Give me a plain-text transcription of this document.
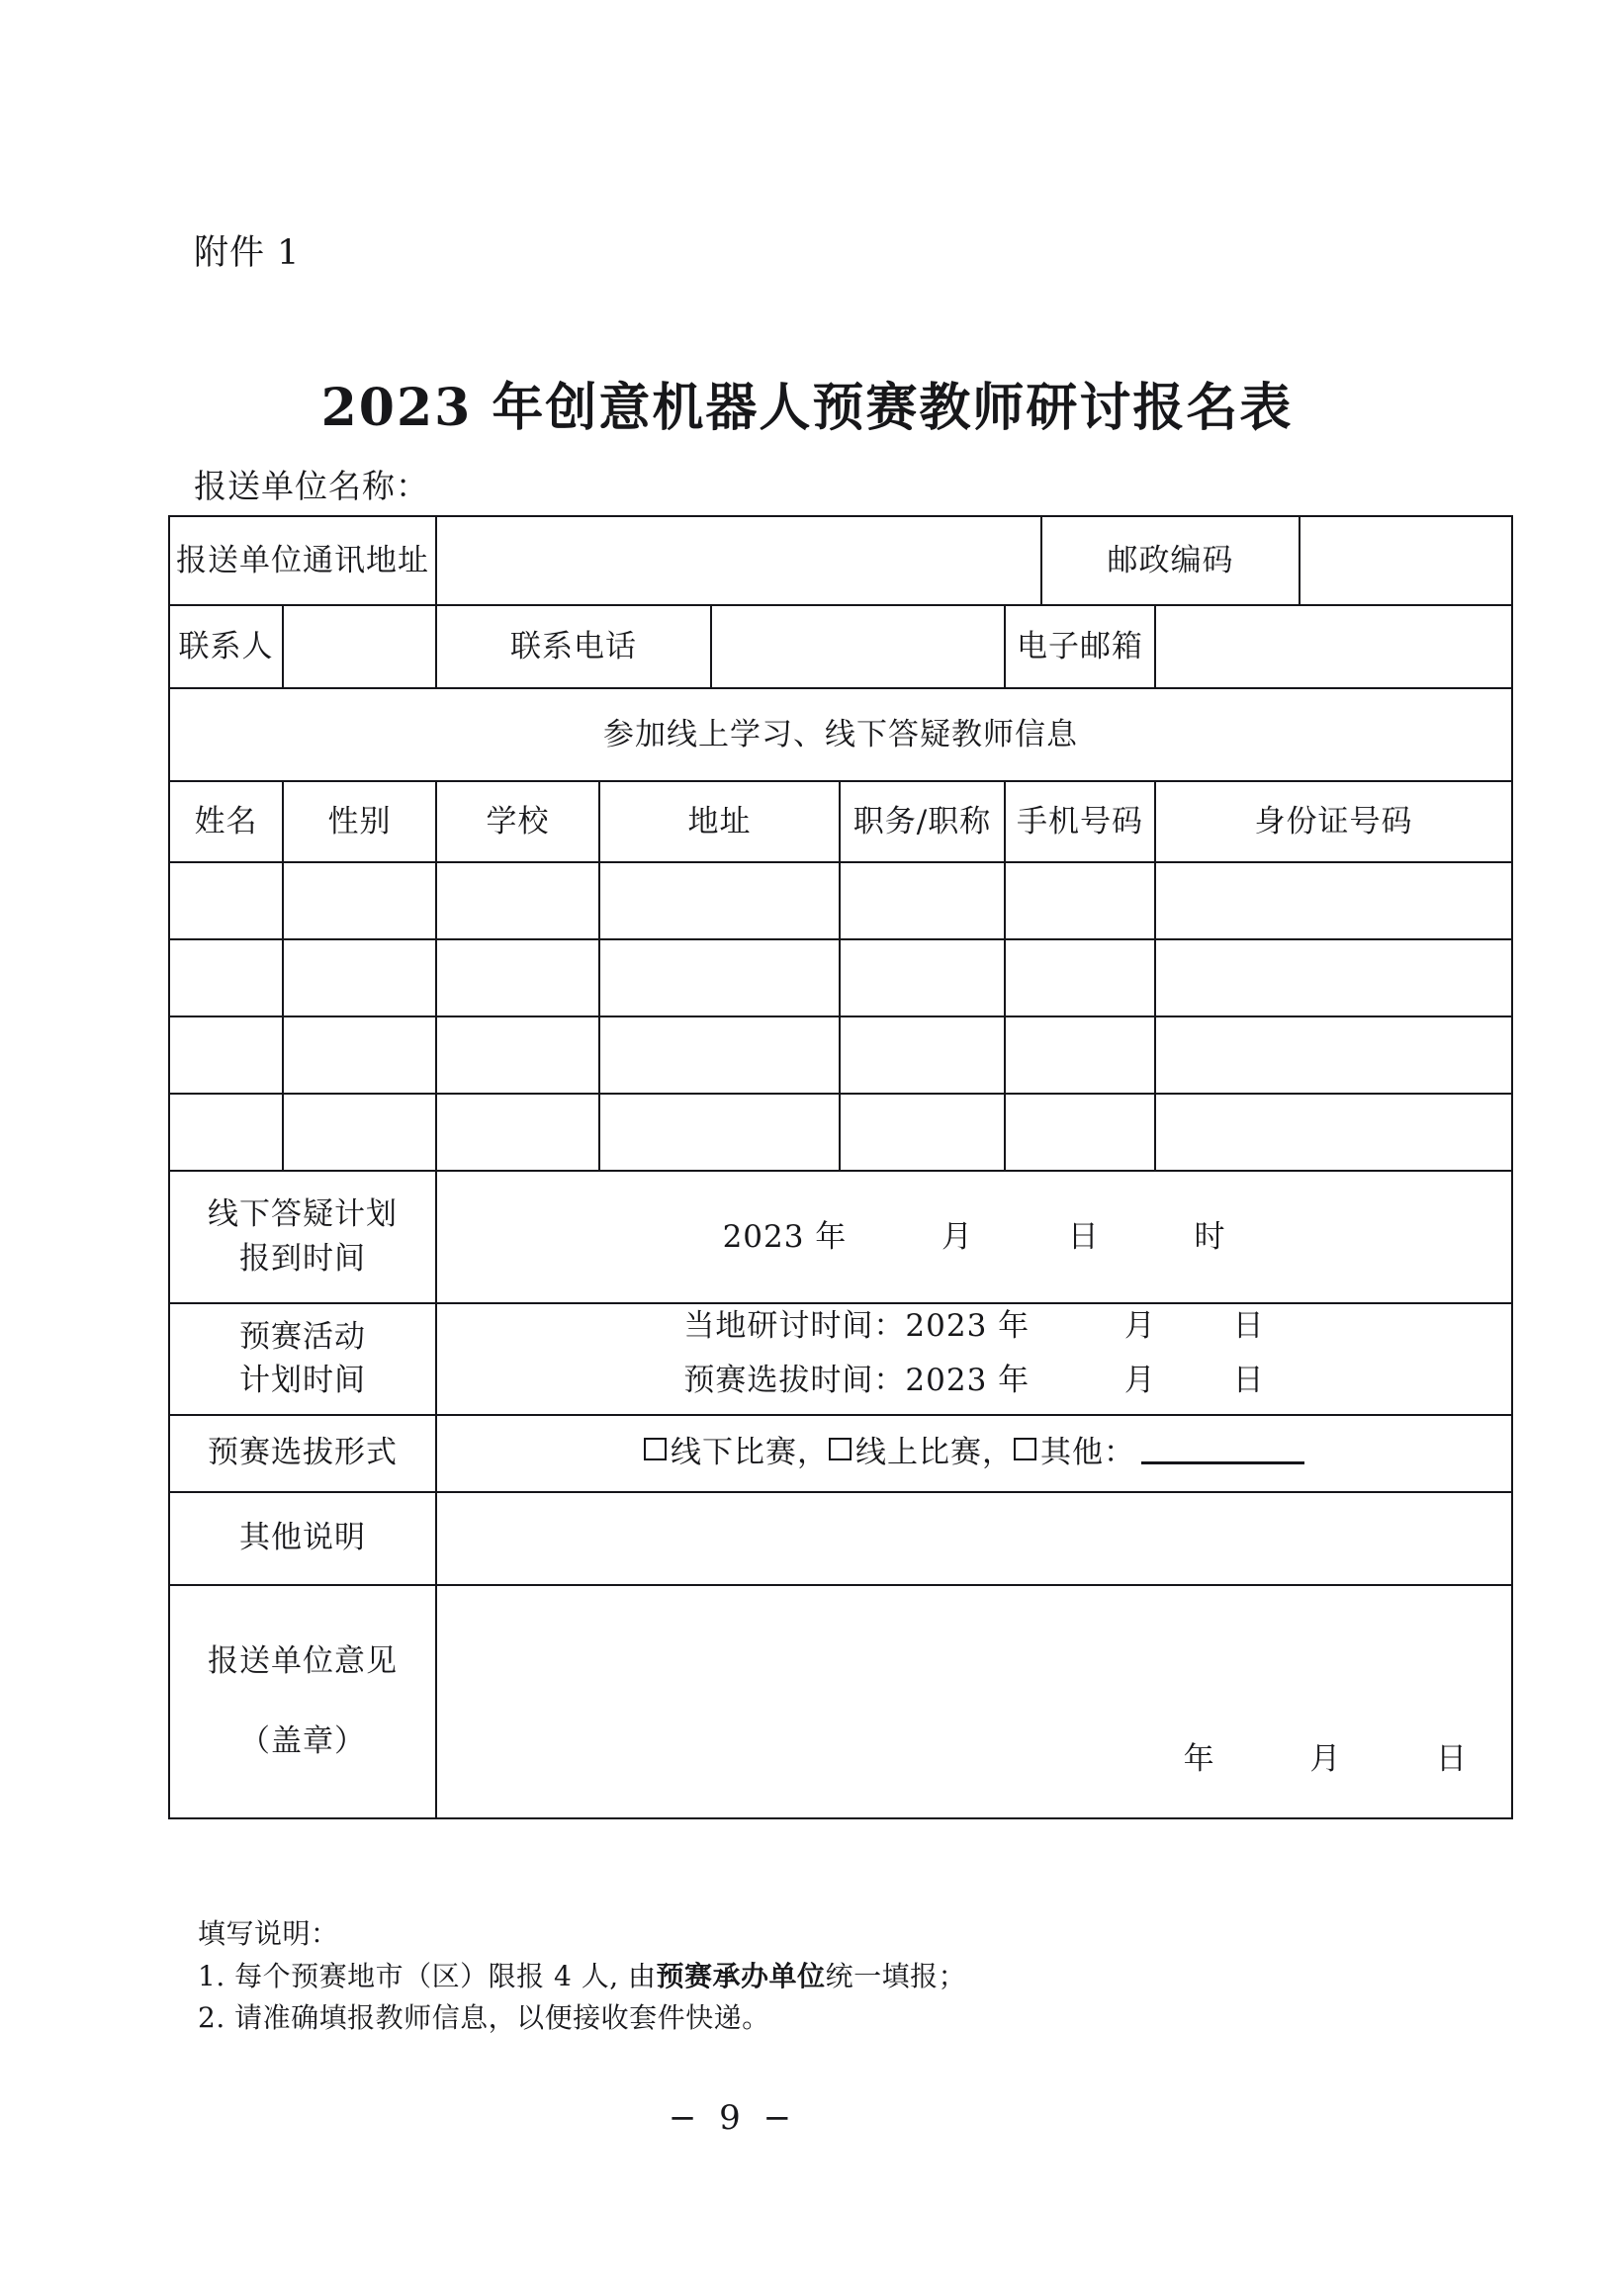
附件 1
2023 年创意机器人预赛教师研讨报名表
报送单位名称：
报送单位通讯地址							邮政编码		
联系人		联系电话				电子邮箱			
参加线上学习、线下答疑教师信息									
姓名	性别	学校	地址		职务/职称	手机号码		身份证号码	

线下答疑计划
报到时间		2023 年 月 日 时							

预赛活动
计划时间		当地研讨时间：2023 年 月 日							
		预赛选拔时间：2023 年 月 日							
预赛选拔形式		线下比赛， 线上比赛， 其他：							
其他说明									

报送单位意见
（盖章）		年 月 日							
填写说明：
1. 每个预赛地市（区）限报 4 人, 由预赛承办单位统一填报；
2. 请准确填报教师信息，以便接收套件快递。
− 9 −
